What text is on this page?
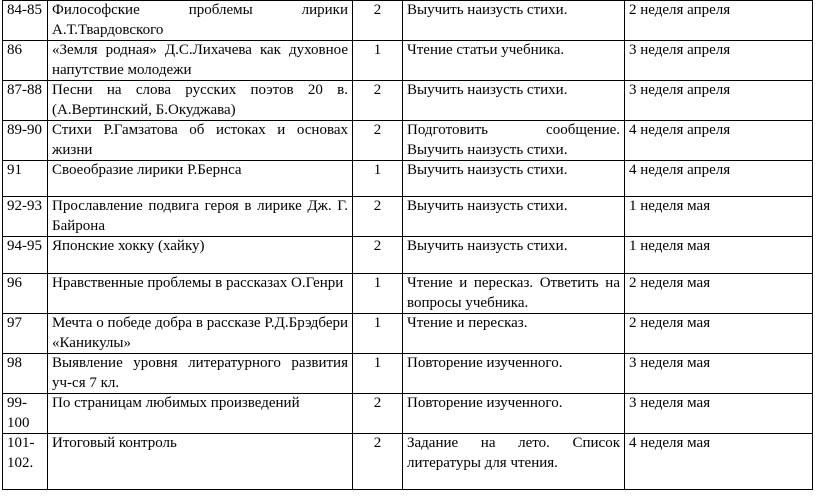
84-85	Философские проблемы лирики А.Т.Твардовского	2	Выучить наизусть стихи.	2 неделя апреля
86	«Земля родная» Д.С.Лихачева как духовное напутствие молодежи	1	Чтение статьи учебника.	3 неделя апреля
87-88	Песни на слова русских поэтов 20 в. (А.Вертинский, Б.Окуджава)	2	Выучить наизусть стихи.	3 неделя апреля
89-90	Стихи Р.Гамзатова об истоках и основах жизни	2	Подготовить сообщение. Выучить наизусть стихи.	4 неделя апреля
91	Своеобразие лирики Р.Бернса	1	Выучить наизусть стихи.	4 неделя апреля
92-93	Прославление подвига героя в лирике Дж. Г. Байрона	2	Выучить наизусть стихи.	1 неделя мая
94-95	Японские хокку (хайку)	2	Выучить наизусть стихи.	1 неделя мая
96	Нравственные проблемы в рассказах О.Генри	1	Чтение и пересказ. Ответить на вопросы учебника.	2 неделя мая
97	Мечта о победе добра в рассказе Р.Д.Брэдбери «Каникулы»	1	Чтение и пересказ.	2 неделя мая
98	Выявление уровня литературного развития уч-ся 7 кл.	1	Повторение изученного.	3 неделя мая
99-100	По страницам любимых произведений	2	Повторение изученного.	3 неделя мая
101-102.	Итоговый контроль	2	Задание на лето. Список литературы для чтения.	4 неделя мая
